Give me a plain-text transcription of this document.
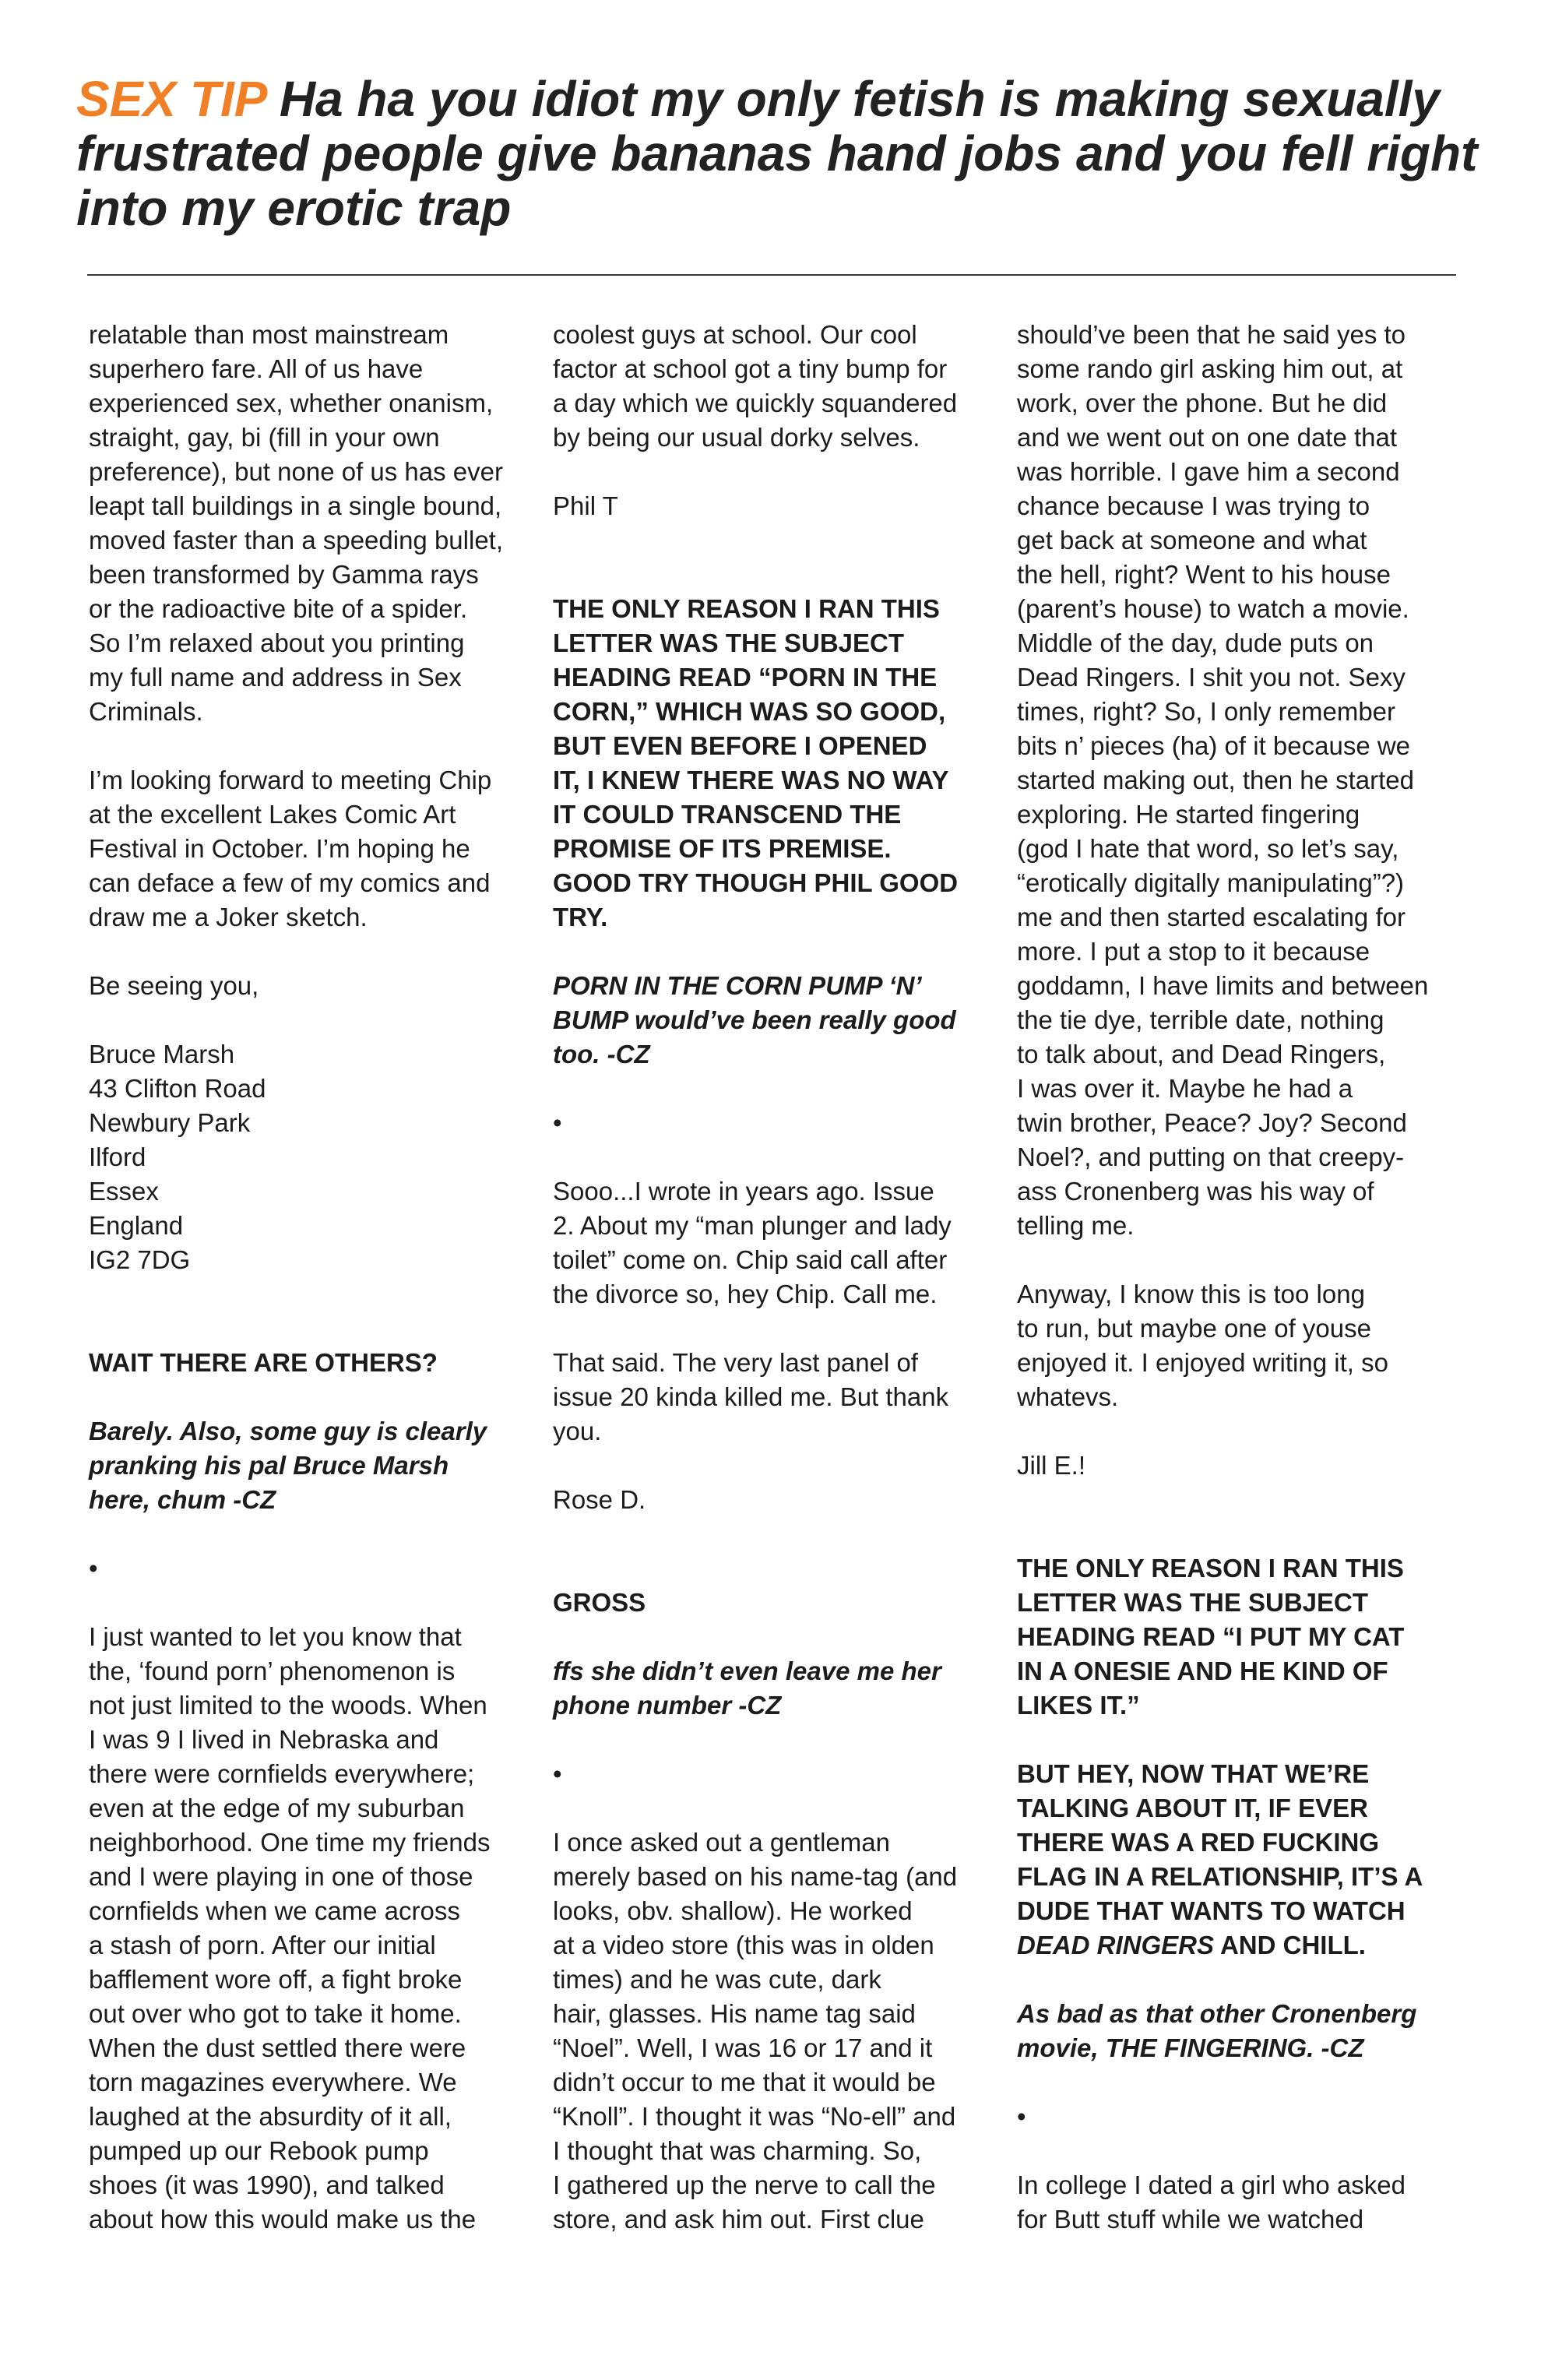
SEX TIP Ha ha you idiot my only fetish is making sexually frustrated people give bananas hand jobs and you fell right into my erotic trap

relatable than most mainstream
superhero fare. All of us have
experienced sex, whether onanism,
straight, gay, bi (fill in your own
preference), but none of us has ever
leapt tall buildings in a single bound,
moved faster than a speeding bullet,
been transformed by Gamma rays
or the radioactive bite of a spider.
So I’m relaxed about you printing
my full name and address in Sex
Criminals.

I’m looking forward to meeting Chip
at the excellent Lakes Comic Art
Festival in October. I’m hoping he
can deface a few of my comics and
draw me a Joker sketch.

Be seeing you,

Bruce Marsh
43 Clifton Road
Newbury Park
Ilford
Essex
England
IG2 7DG

WAIT THERE ARE OTHERS?

Barely. Also, some guy is clearly
pranking his pal Bruce Marsh
here, chum -CZ

•

I just wanted to let you know that
the, ‘found porn’ phenomenon is
not just limited to the woods. When
I was 9 I lived in Nebraska and
there were cornfields everywhere;
even at the edge of my suburban
neighborhood. One time my friends
and I were playing in one of those
cornfields when we came across
a stash of porn. After our initial
bafflement wore off, a fight broke
out over who got to take it home.
When the dust settled there were
torn magazines everywhere. We
laughed at the absurdity of it all,
pumped up our Rebook pump
shoes (it was 1990), and talked
about how this would make us the

coolest guys at school. Our cool
factor at school got a tiny bump for
a day which we quickly squandered
by being our usual dorky selves.

Phil T

THE ONLY REASON I RAN THIS
LETTER WAS THE SUBJECT
HEADING READ “PORN IN THE
CORN,” WHICH WAS SO GOOD,
BUT EVEN BEFORE I OPENED
IT, I KNEW THERE WAS NO WAY
IT COULD TRANSCEND THE
PROMISE OF ITS PREMISE.
GOOD TRY THOUGH PHIL GOOD
TRY.

PORN IN THE CORN PUMP ‘N’
BUMP would’ve been really good
too. -CZ

•

Sooo...I wrote in years ago. Issue
2. About my “man plunger and lady
toilet” come on. Chip said call after
the divorce so, hey Chip. Call me.

That said. The very last panel of
issue 20 kinda killed me. But thank
you.

Rose D.

GROSS

ffs she didn’t even leave me her
phone number -CZ

•

I once asked out a gentleman
merely based on his name-tag (and
looks, obv. shallow). He worked
at a video store (this was in olden
times) and he was cute, dark
hair, glasses. His name tag said
“Noel”. Well, I was 16 or 17 and it
didn’t occur to me that it would be
“Knoll”. I thought it was “No-ell” and
I thought that was charming. So,
I gathered up the nerve to call the
store, and ask him out. First clue

should’ve been that he said yes to
some rando girl asking him out, at
work, over the phone. But he did
and we went out on one date that
was horrible. I gave him a second
chance because I was trying to
get back at someone and what
the hell, right? Went to his house
(parent’s house) to watch a movie.
Middle of the day, dude puts on
Dead Ringers. I shit you not. Sexy
times, right? So, I only remember
bits n’ pieces (ha) of it because we
started making out, then he started
exploring. He started fingering
(god I hate that word, so let’s say,
“erotically digitally manipulating”?)
me and then started escalating for
more. I put a stop to it because
goddamn, I have limits and between
the tie dye, terrible date, nothing
to talk about, and Dead Ringers,
I was over it. Maybe he had a
twin brother, Peace? Joy? Second
Noel?, and putting on that creepy-
ass Cronenberg was his way of
telling me.

Anyway, I know this is too long
to run, but maybe one of youse
enjoyed it. I enjoyed writing it, so
whatevs.

Jill E.!

THE ONLY REASON I RAN THIS
LETTER WAS THE SUBJECT
HEADING READ “I PUT MY CAT
IN A ONESIE AND HE KIND OF
LIKES IT.”

BUT HEY, NOW THAT WE’RE
TALKING ABOUT IT, IF EVER
THERE WAS A RED FUCKING
FLAG IN A RELATIONSHIP, IT’S A
DUDE THAT WANTS TO WATCH
DEAD RINGERS AND CHILL.

As bad as that other Cronenberg
movie, THE FINGERING. -CZ

•

In college I dated a girl who asked
for Butt stuff while we watched
